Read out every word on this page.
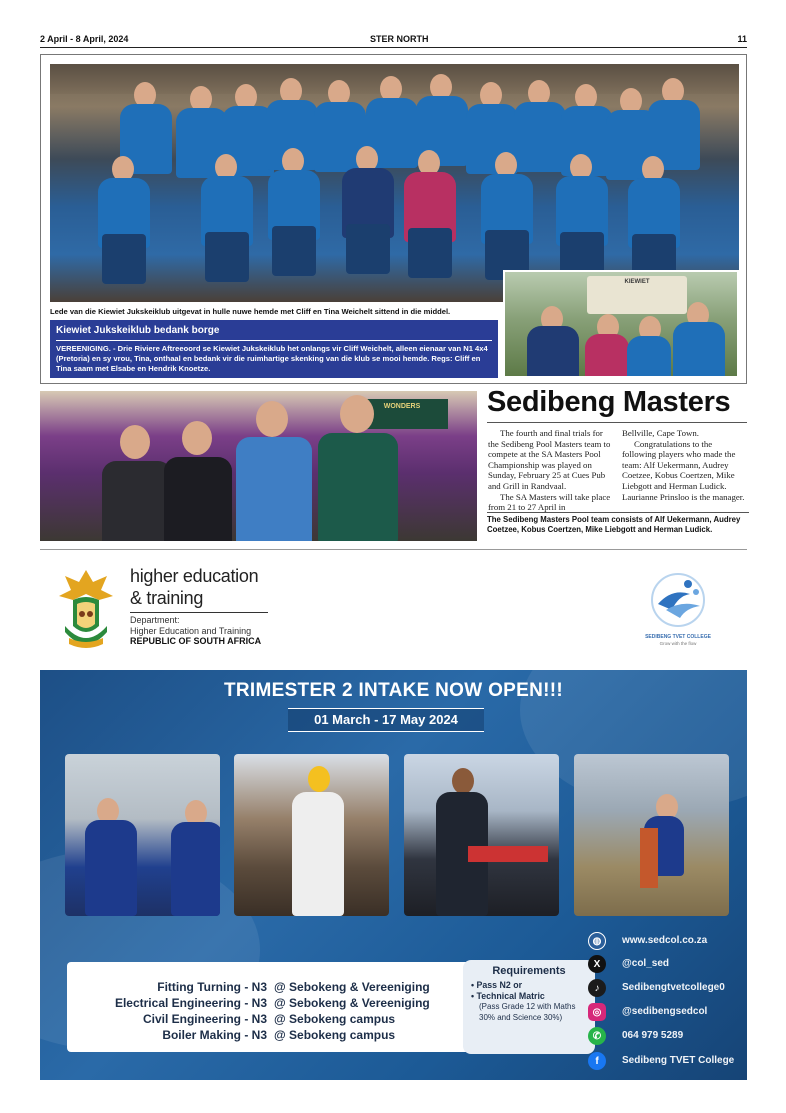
2 April - 8 April, 2024	STER NORTH	11
Lede van die Kiewiet Jukskeiklub uitgevat in hulle nuwe hemde met Cliff en Tina Weichelt sittend in die middel.
Kiewiet Jukskeiklub bedank borge
VEREENIGING. - Drie Riviere Aftreeoord se Kiewiet Jukskeiklub het onlangs vir Cliff Weichelt, alleen eienaar van N1 4x4 (Pretoria) en sy vrou, Tina, onthaal en bedank vir die ruimhartige skenking van die klub se mooi hemde. Regs: Cliff en Tina saam met Elsabe en Hendrik Knoetze.
KIEWIET
WONDERS	Sedibeng Masters

The fourth and final trials for the Sedibeng Pool Masters team to compete at the SA Masters Pool Championship was played on Sunday, February 25 at Cues Pub and Grill in Randvaal.

The SA Masters will take place from 21 to 27 April in

Bellville, Cape Town.

Congratulations to the following players who made the team: Alf Uekermann, Audrey Coetzee, Kobus Coertzen, Mike Liebgott and Herman Ludick. Laurianne Prinsloo is the manager.

The Sedibeng Masters Pool team consists of Alf Uekermann, Audrey Coetzee, Kobus Coertzen, Mike Liebgott and Herman Ludick.
higher education
& training
Department:
Higher Education and Training
REPUBLIC OF SOUTH AFRICA	SEDIBENG TVET COLLEGE
Grow with the flow
TRIMESTER 2 INTAKE NOW OPEN!!!
01 March - 17 May 2024
Fitting Turning - N3 @ Sebokeng & Vereeniging
Electrical Engineering - N3 @ Sebokeng & Vereeniging
Civil Engineering - N3 @ Sebokeng campus
Boiler Making - N3 @ Sebokeng campus
Requirements
• Pass N2 or
• Technical Matric
(Pass Grade 12 with Maths 30% and Science 30%)
◍	www.sedcol.co.za
X	@col_sed
♪	Sedibengtvetcollege0
◎	@sedibengsedcol
✆	064 979 5289
f	Sedibeng TVET College
